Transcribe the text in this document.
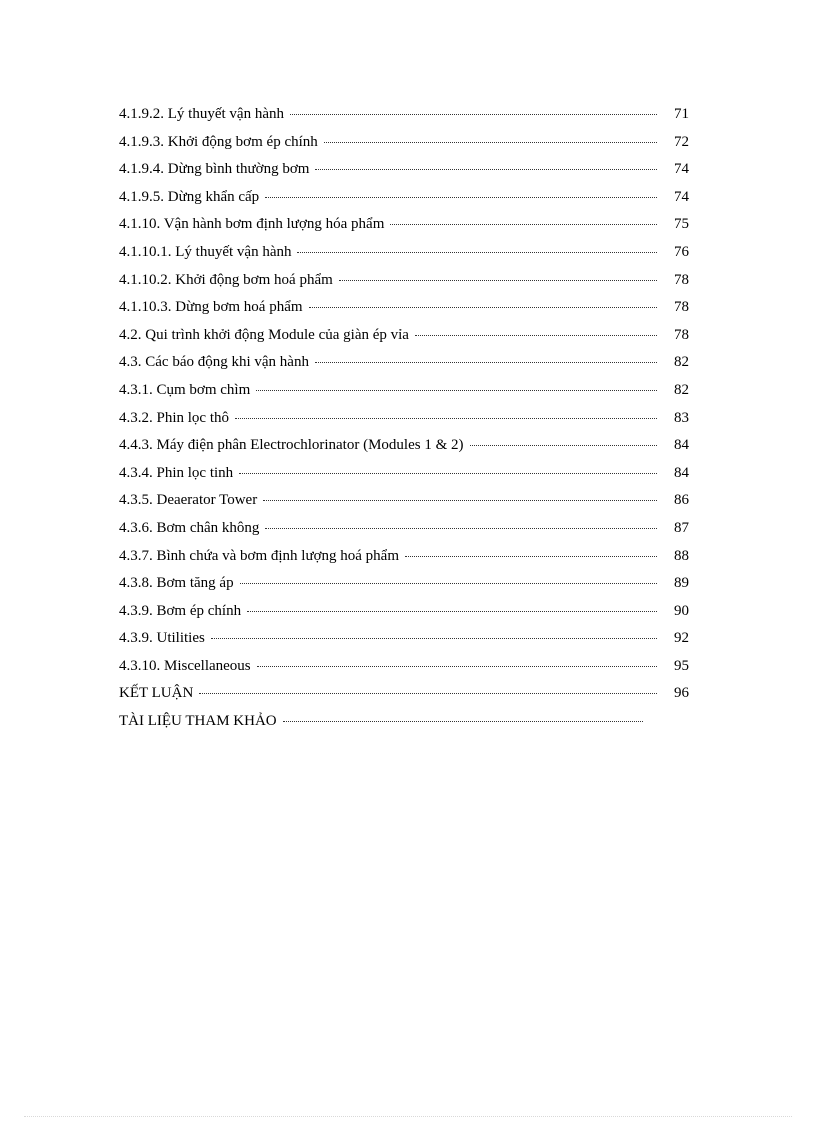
4.1.9.2. Lý thuyết vận hành	71
4.1.9.3. Khởi động bơm ép chính	72
4.1.9.4. Dừng bình thường bơm	74
4.1.9.5. Dừng khẩn cấp	74
4.1.10. Vận hành bơm định lượng hóa phẩm	75
4.1.10.1. Lý thuyết vận hành	76
4.1.10.2. Khởi động bơm hoá phẩm	78
4.1.10.3. Dừng bơm hoá phẩm	78
4.2. Qui trình khởi động Module của giàn ép vỉa	78
4.3. Các báo động khi vận hành	82
4.3.1. Cụm bơm chìm	82
4.3.2. Phin lọc thô	83
4.4.3. Máy điện phân Electrochlorinator (Modules 1 & 2)	84
4.3.4. Phin lọc tinh	84
4.3.5. Deaerator Tower	86
4.3.6. Bơm chân không	87
4.3.7. Bình chứa và bơm định lượng hoá phẩm	88
4.3.8. Bơm tăng áp	89
4.3.9. Bơm ép chính	90
4.3.9. Utilities	92
4.3.10. Miscellaneous	95
KẾT LUẬN	96
TÀI LIỆU THAM KHẢO
